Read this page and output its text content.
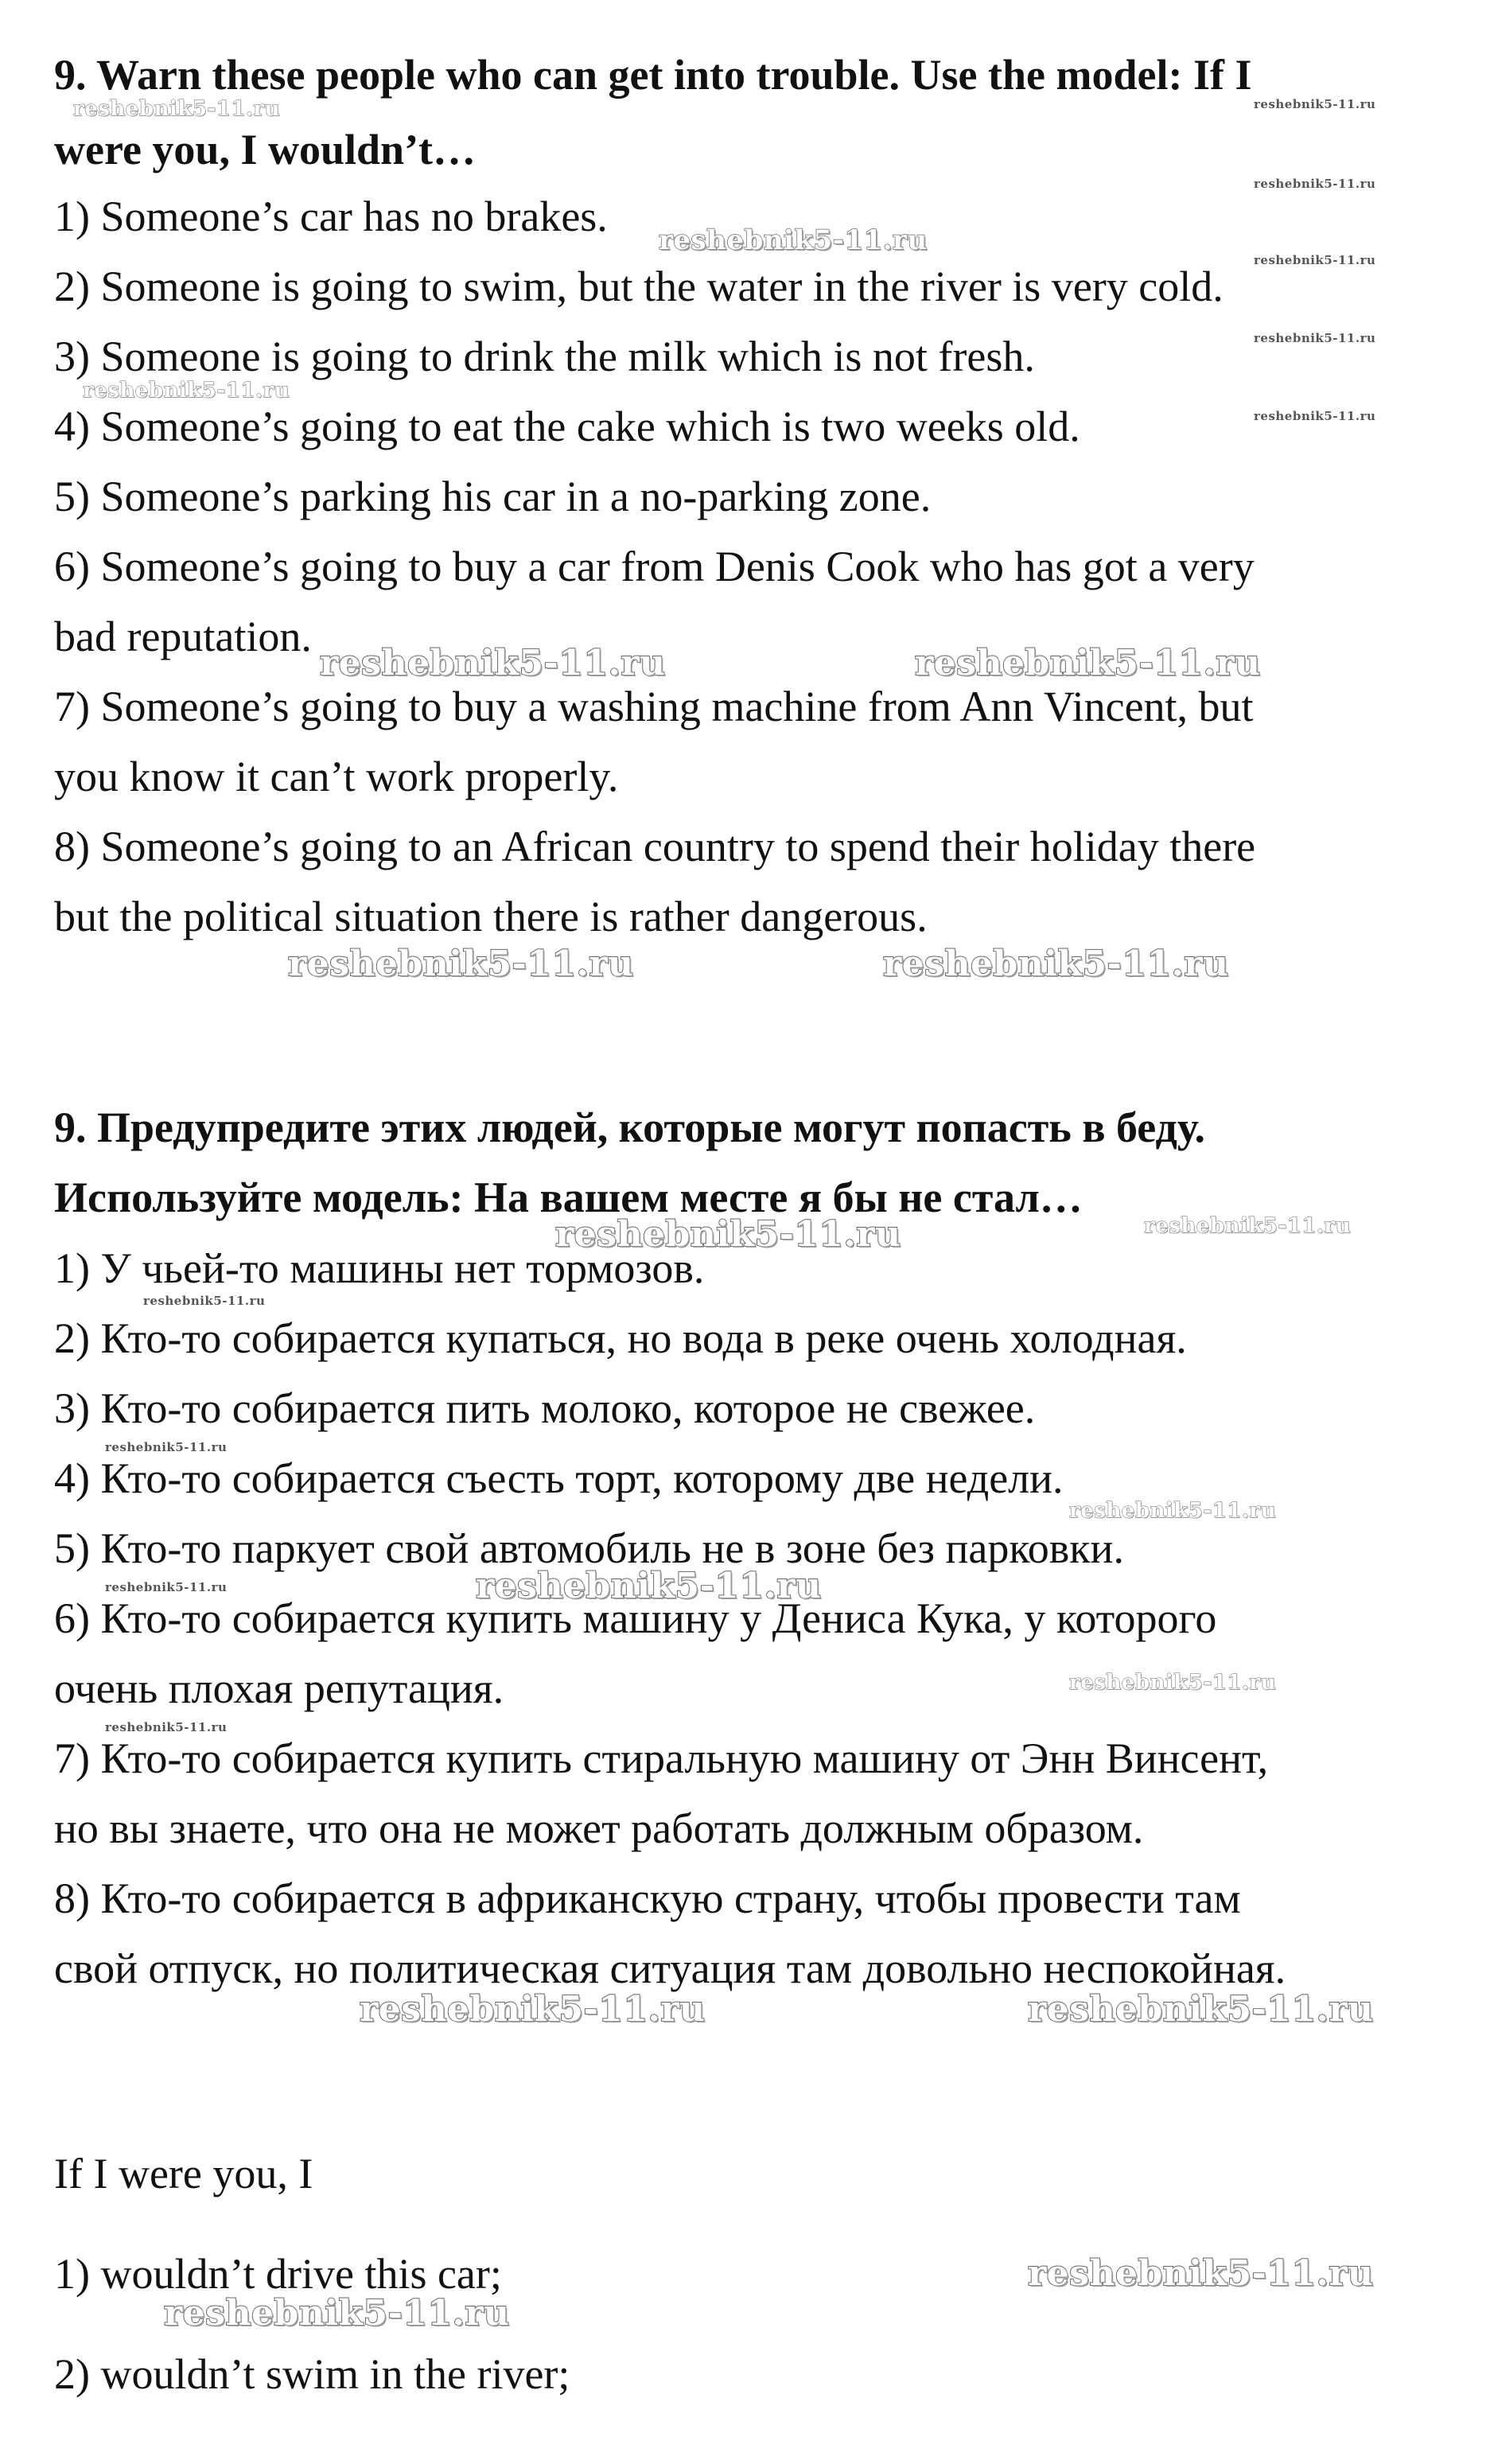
9. Warn these people who can get into trouble. Use the model: If I

were you, I wouldn’t…

1) Someone’s car has no brakes.

2) Someone is going to swim, but the water in the river is very cold.

3) Someone is going to drink the milk which is not fresh.

4) Someone’s going to eat the cake which is two weeks old.

5) Someone’s parking his car in a no-parking zone.

6) Someone’s going to buy a car from Denis Cook who has got a very

bad reputation.

7) Someone’s going to buy a washing machine from Ann Vincent, but

you know it can’t work properly.

8) Someone’s going to an African country to spend their holiday there

but the political situation there is rather dangerous.

9. Предупредите этих людей, которые могут попасть в беду.

Используйте модель: На вашем месте я бы не стал…

1) У чьей-то машины нет тормозов.

2) Кто-то собирается купаться, но вода в реке очень холодная.

3) Кто-то собирается пить молоко, которое не свежее.

4) Кто-то собирается съесть торт, которому две недели.

5) Кто-то паркует свой автомобиль не в зоне без парковки.

6) Кто-то собирается купить машину у Дениса Кука, у которого

очень плохая репутация.

7) Кто-то собирается купить стиральную машину от Энн Винсент,

но вы знаете, что она не может работать должным образом.

8) Кто-то собирается в африканскую страну, чтобы провести там

свой отпуск, но политическая ситуация там довольно неспокойная.

If I were you, I

1) wouldn’t drive this car;

2) wouldn’t swim in the river;

reshebnik5-11.ru	reshebnik5-11.ru
reshebnik5-11.ru
reshebnik5-11.ru
reshebnik5-11.ru
reshebnik5-11.ru
reshebnik5-11.ru
reshebnik5-11.ru
reshebnik5-11.ru	reshebnik5-11.ru
reshebnik5-11.ru	reshebnik5-11.ru
reshebnik5-11.ru	reshebnik5-11.ru
reshebnik5-11.ru
reshebnik5-11.ru
reshebnik5-11.ru
reshebnik5-11.ru	reshebnik5-11.ru
reshebnik5-11.ru
reshebnik5-11.ru
reshebnik5-11.ru	reshebnik5-11.ru
reshebnik5-11.ru
reshebnik5-11.ru
